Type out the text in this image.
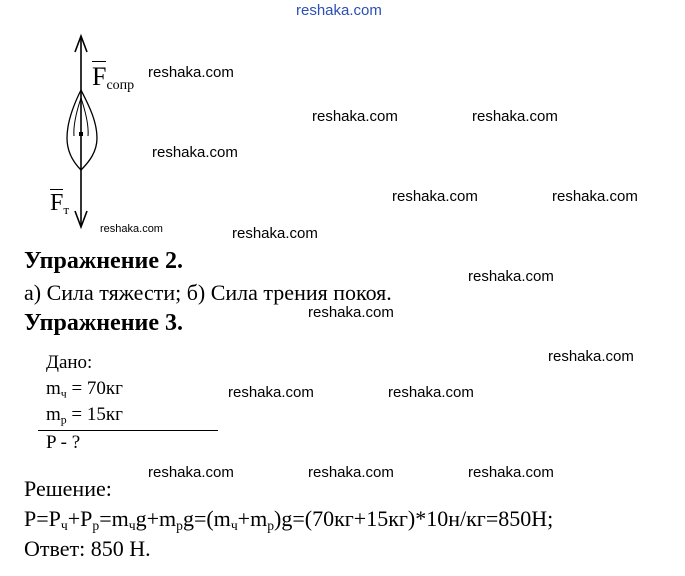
reshaka.com
Fсопр
Fт
reshaka.com
reshaka.com	reshaka.com
reshaka.com
reshaka.com	reshaka.com
reshaka.com	reshaka.com
reshaka.com
reshaka.com
reshaka.com
reshaka.com	reshaka.com
reshaka.com	reshaka.com	reshaka.com
Упражнение 2.
а) Сила тяжести; б) Сила трения покоя.
Упражнение 3.
Дано:
$m_ч = 70кг$
$m_р = 15кг$
P - ?
Решение:
$P=P_ч+P_р=m_чg+m_рg=(m_ч+m_р)g=(70кг+15кг)*10н/кг=850Н$;
Ответ: 850 Н.
